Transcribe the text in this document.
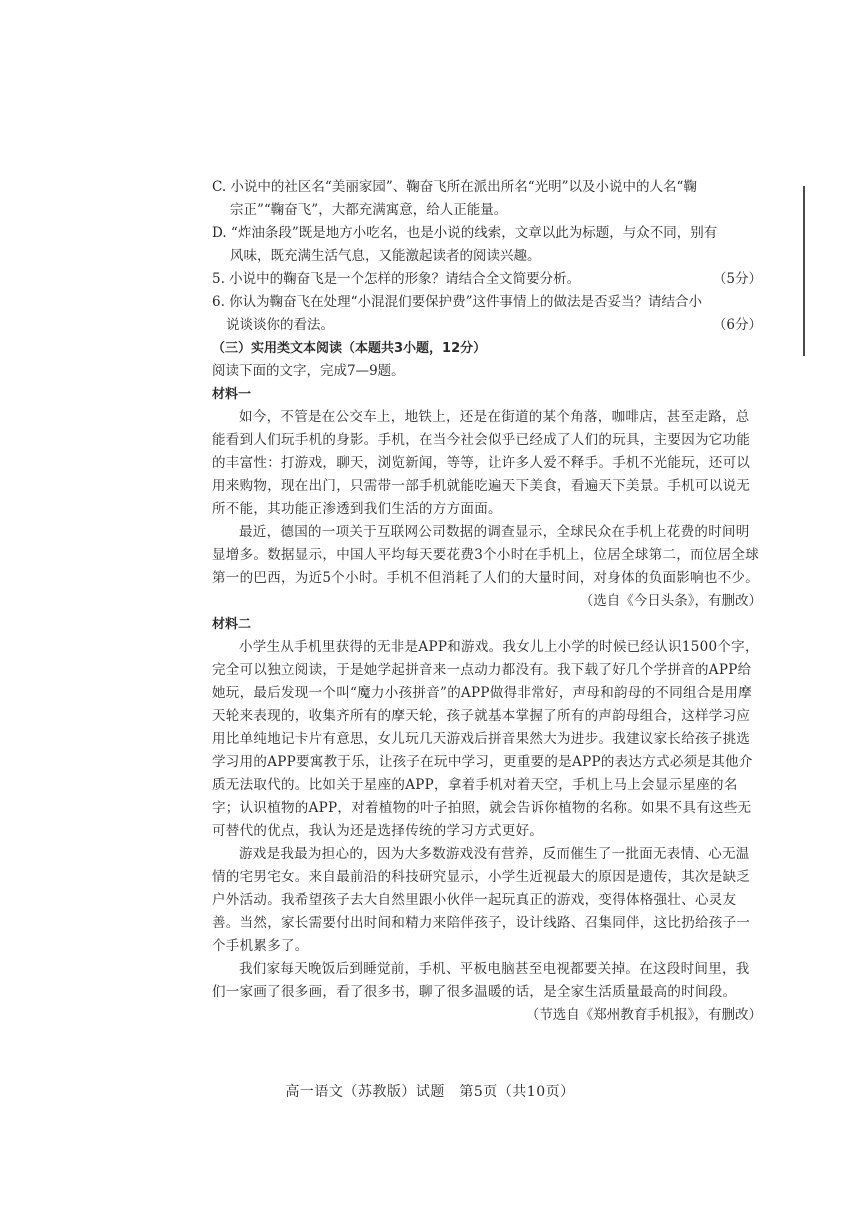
C. 小说中的社区名“美丽家园”、鞠奋飞所在派出所名“光明”以及小说中的人名“鞠
宗正”“鞠奋飞”，大都充满寓意，给人正能量。

D. “炸油条段”既是地方小吃名，也是小说的线索，文章以此为标题，与众不同，别有
风味，既充满生活气息，又能激起读者的阅读兴趣。

5. 小说中的鞠奋飞是一个怎样的形象？请结合全文简要分析。	（5分）
6. 你认为鞠奋飞在处理“小混混们要保护费”这件事情上的做法是否妥当？请结合小
说谈谈你的看法。	（6分）

（三）实用类文本阅读（本题共3小题，12分）

阅读下面的文字，完成7—9题。

材料一

如今，不管是在公交车上，地铁上，还是在街道的某个角落，咖啡店，甚至走路，总能看到人们玩手机的身影。手机，在当今社会似乎已经成了人们的玩具，主要因为它功能的丰富性：打游戏，聊天，浏览新闻，等等，让许多人爱不释手。手机不光能玩，还可以用来购物，现在出门，只需带一部手机就能吃遍天下美食，看遍天下美景。手机可以说无所不能，其功能正渗透到我们生活的方方面面。

最近，德国的一项关于互联网公司数据的调查显示，全球民众在手机上花费的时间明显增多。数据显示，中国人平均每天要花费3个小时在手机上，位居全球第二，而位居全球第一的巴西，为近5个小时。手机不但消耗了人们的大量时间，对身体的负面影响也不少。

（选自《今日头条》，有删改）

材料二

小学生从手机里获得的无非是APP和游戏。我女儿上小学的时候已经认识1500个字，完全可以独立阅读，于是她学起拼音来一点动力都没有。我下载了好几个学拼音的APP给她玩，最后发现一个叫“魔力小孩拼音”的APP做得非常好，声母和韵母的不同组合是用摩天轮来表现的，收集齐所有的摩天轮，孩子就基本掌握了所有的声韵母组合，这样学习应用比单纯地记卡片有意思，女儿玩几天游戏后拼音果然大为进步。我建议家长给孩子挑选学习用的APP要寓教于乐，让孩子在玩中学习，更重要的是APP的表达方式必须是其他介质无法取代的。比如关于星座的APP，拿着手机对着天空，手机上马上会显示星座的名字；认识植物的APP，对着植物的叶子拍照，就会告诉你植物的名称。如果不具有这些无可替代的优点，我认为还是选择传统的学习方式更好。

游戏是我最为担心的，因为大多数游戏没有营养，反而催生了一批面无表情、心无温情的宅男宅女。来自最前沿的科技研究显示，小学生近视最大的原因是遗传，其次是缺乏户外活动。我希望孩子去大自然里跟小伙伴一起玩真正的游戏，变得体格强壮、心灵友善。当然，家长需要付出时间和精力来陪伴孩子，设计线路、召集同伴，这比扔给孩子一个手机累多了。

我们家每天晚饭后到睡觉前，手机、平板电脑甚至电视都要关掉。在这段时间里，我们一家画了很多画，看了很多书，聊了很多温暖的话，是全家生活质量最高的时间段。

（节选自《郑州教育手机报》，有删改）

高一语文（苏教版）试题　第5页（共10页）
